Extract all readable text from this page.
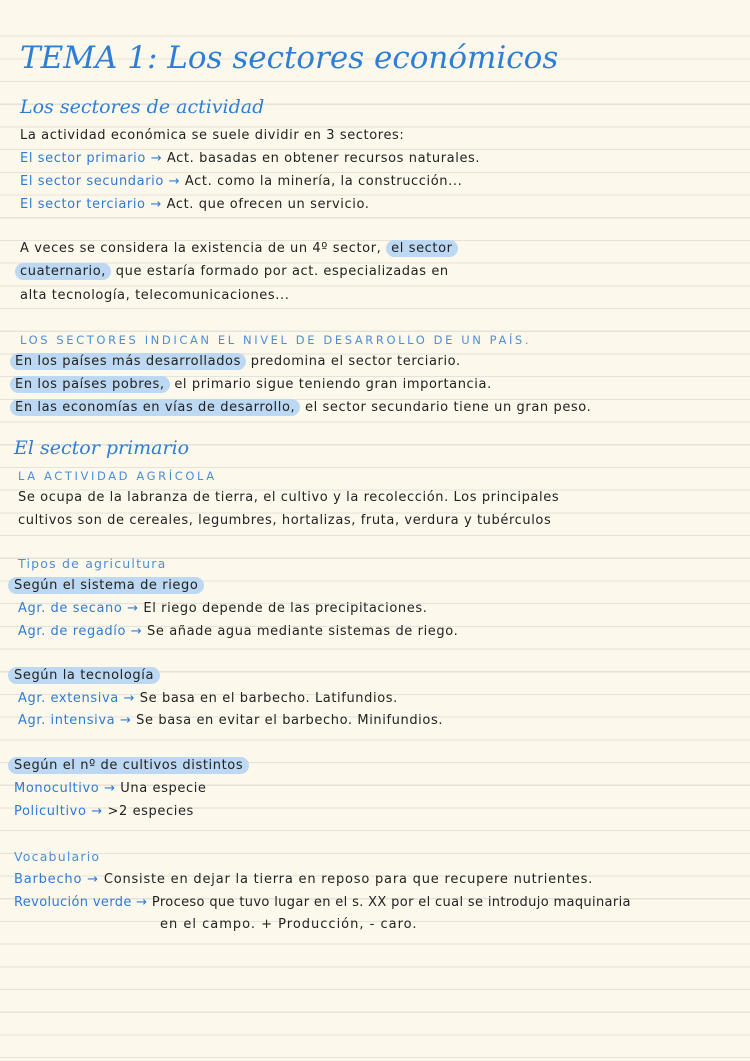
TEMA 1: Los sectores económicos
Los sectores de actividad
La actividad económica se suele dividir en 3 sectores:
El sector primario → Act. basadas en obtener recursos naturales.
El sector secundario → Act. como la minería, la construcción...
El sector terciario → Act. que ofrecen un servicio.
A veces se considera la existencia de un 4º sector, el sector
cuaternario, que estaría formado por act. especializadas en
alta tecnología, telecomunicaciones...
LOS SECTORES INDICAN EL NIVEL DE DESARROLLO DE UN PAÍS.
En los países más desarrollados predomina el sector terciario.
En los países pobres, el primario sigue teniendo gran importancia.
En las economías en vías de desarrollo, el sector secundario tiene un gran peso.
El sector primario
LA ACTIVIDAD AGRÍCOLA
Se ocupa de la labranza de tierra, el cultivo y la recolección. Los principales
cultivos son de cereales, legumbres, hortalizas, fruta, verdura y tubérculos
Tipos de agricultura
Según el sistema de riego
Agr. de secano → El riego depende de las precipitaciones.
Agr. de regadío → Se añade agua mediante sistemas de riego.
Según la tecnología
Agr. extensiva → Se basa en el barbecho. Latifundios.
Agr. intensiva → Se basa en evitar el barbecho. Minifundios.
Según el nº de cultivos distintos
Monocultivo → Una especie
Policultivo → >2 especies
Vocabulario
Barbecho → Consiste en dejar la tierra en reposo para que recupere nutrientes.
Revolución verde → Proceso que tuvo lugar en el s. XX por el cual se introdujo maquinaria
en el campo. + Producción, - caro.
